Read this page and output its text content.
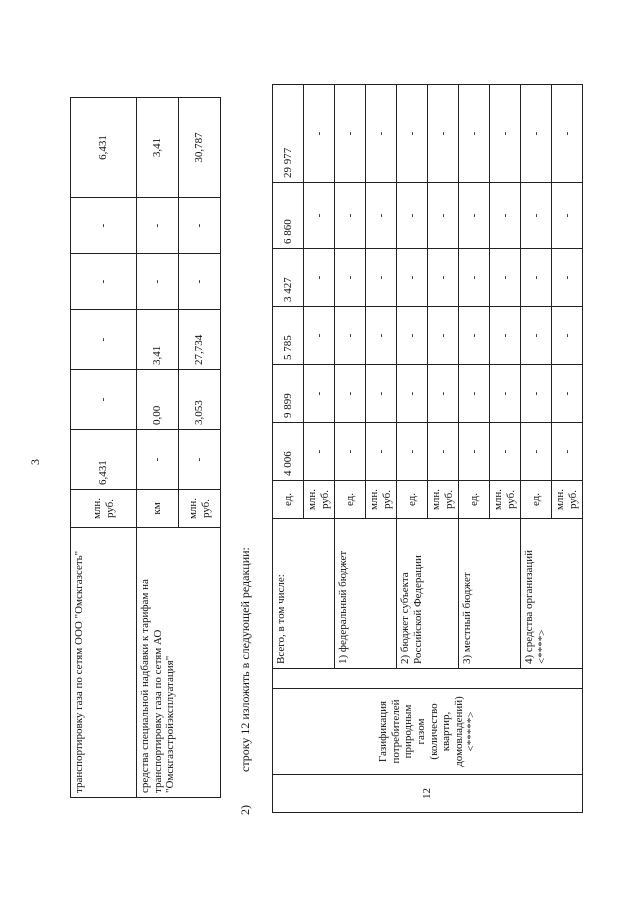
3
транспортировку газа по сетям ООО "Омскгазсеть"	млн. руб.	6,431	-	-	-	-	6,431
средства специальной надбавки к тарифам на транспортировку газа по сетям АО "Омскгазстройэксплуатация"	км	-	0,00	3,41	-	-	3,41
	млн. руб.	-	3,053	27,734	-	-	30,787
2) строку 12 изложить в следующей редакции:
12	Газификация потребителей природным газом (количество квартир, домовладений) <*****>		Всего, в том числе:	ед.	4 006	9 899	5 785	3 427	6 860	29 977
				млн. руб.	-	-	-	-	-	-
			1) федеральный бюджет	ед.	-	-	-	-	-	-
				млн. руб.	-	-	-	-	-	-
			2) бюджет субъекта Российской Федерации	ед.	-	-	-	-	-	-
				млн. руб.	-	-	-	-	-	-
			3) местный бюджет	ед.	-	-	-	-	-	-
				млн. руб.	-	-	-	-	-	-
			4) средства организаций <****>	ед.	-	-	-	-	-	-
				млн. руб.	-	-	-	-	-	-
